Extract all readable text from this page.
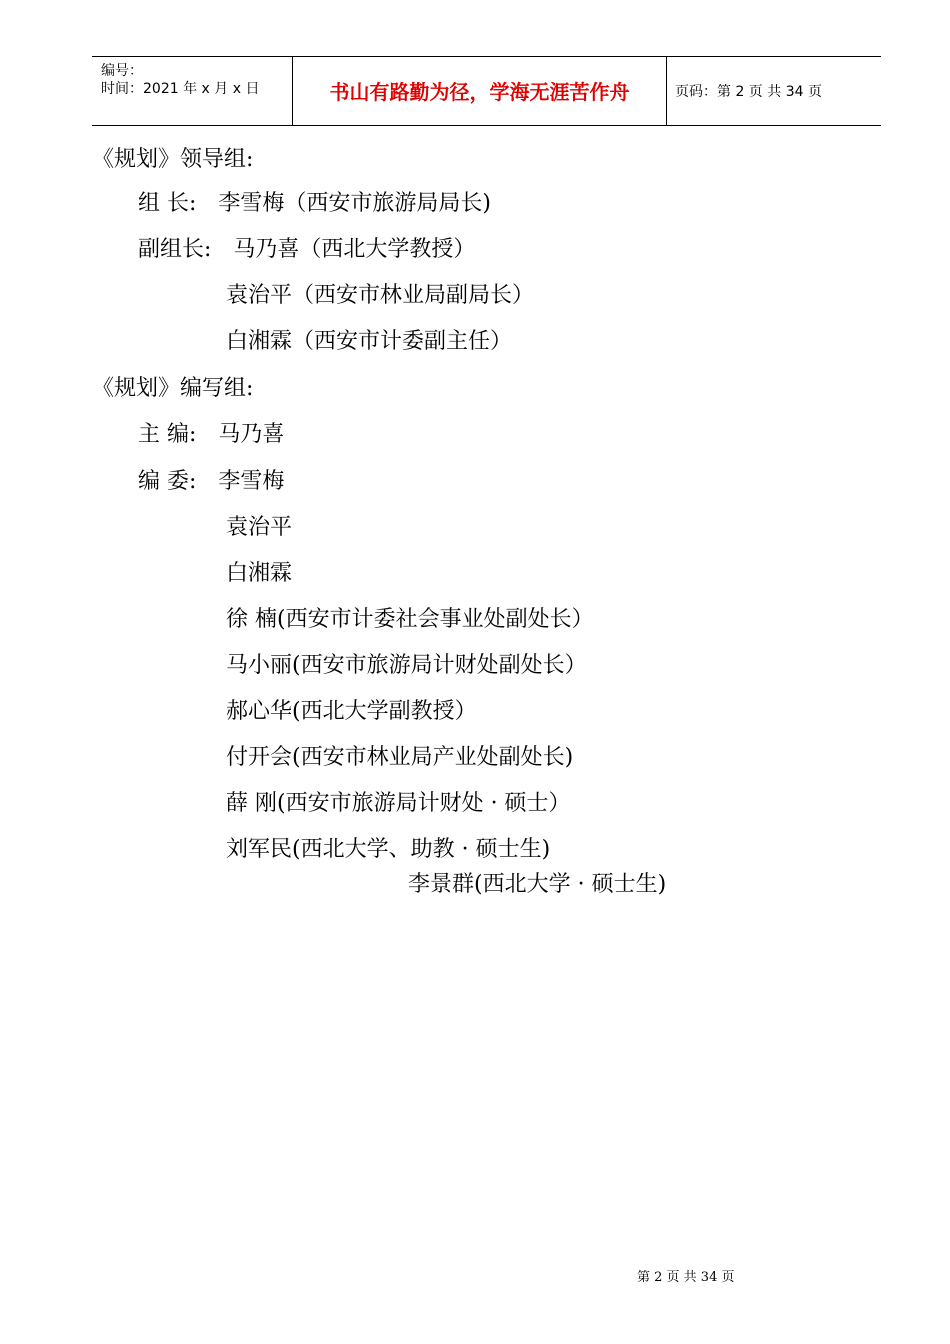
编号：
时间：2021 年 x 月 x 日	书山有路勤为径，学海无涯苦作舟	页码：第 2 页 共 34 页
《规划》领导组:
组 长: 李雪梅（西安市旅游局局长)
副组长: 马乃喜（西北大学教授）
袁治平（西安市林业局副局长）
白湘霖（西安市计委副主任）
《规划》编写组:
主 编: 马乃喜
编 委: 李雪梅
袁治平
白湘霖
徐 楠(西安市计委社会事业处副处长）
马小丽(西安市旅游局计财处副处长）
郝心华(西北大学副教授）
付开会(西安市林业局产业处副处长)
薛 刚(西安市旅游局计财处 · 硕士）
刘军民(西北大学、助教 · 硕士生)
李景群(西北大学 · 硕士生)
第 2 页 共 34 页
